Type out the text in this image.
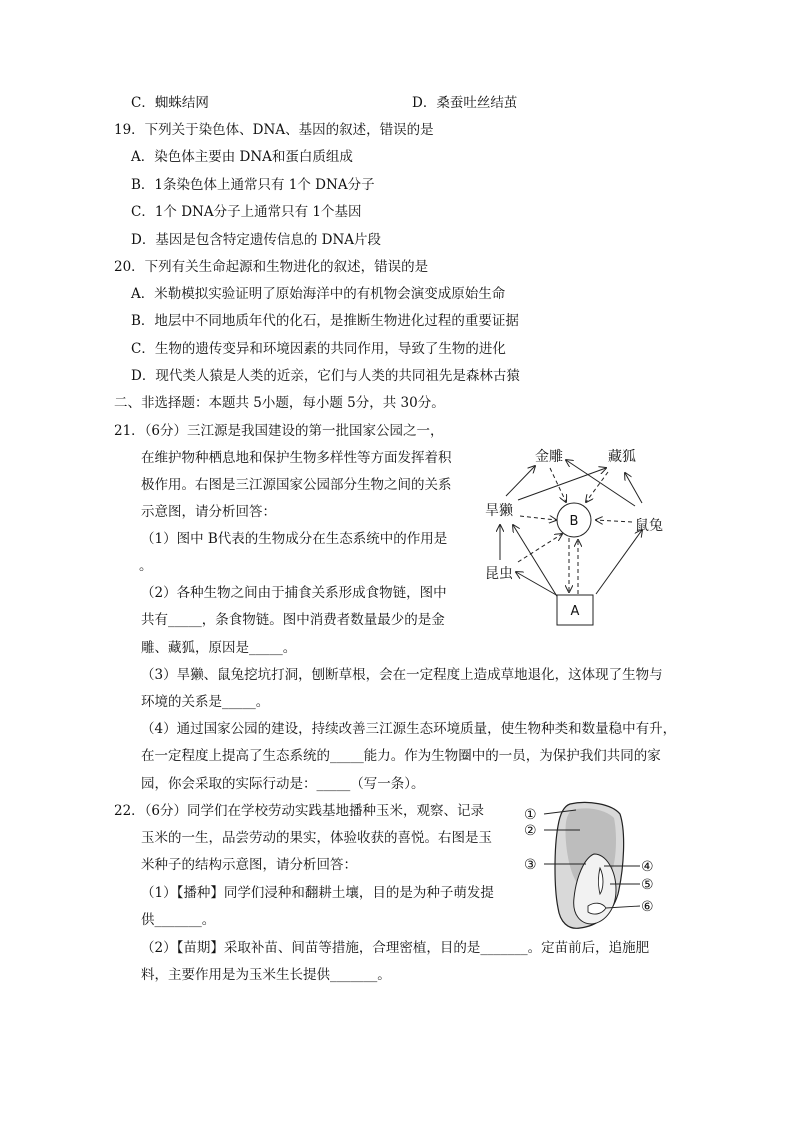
C．蜘蛛结网	D．桑蚕吐丝结茧
19．下列关于染色体、DNA、基因的叙述，错误的是
A．染色体主要由 DNA和蛋白质组成
B．1条染色体上通常只有 1个 DNA分子
C．1个 DNA分子上通常只有 1个基因
D．基因是包含特定遗传信息的 DNA片段
20．下列有关生命起源和生物进化的叙述，错误的是
A．米勒模拟实验证明了原始海洋中的有机物会演变成原始生命
B．地层中不同地质年代的化石，是推断生物进化过程的重要证据
C．生物的遗传变异和环境因素的共同作用，导致了生物的进化
D．现代类人猿是人类的近亲，它们与人类的共同祖先是森林古猿
二、非选择题：本题共 5小题，每小题 5分，共 30分。
21．（6分）三江源是我国建设的第一批国家公园之一，
在维护物种栖息地和保护生物多样性等方面发挥着积
极作用。右图是三江源国家公园部分生物之间的关系
示意图，请分析回答：
（1）图中 B代表的生物成分在生态系统中的作用是
。
（2）各种生物之间由于捕食关系形成食物链，图中
共有_____，条食物链。图中消费者数量最少的是金
雕、藏狐，原因是_____。
（3）旱獭、鼠兔挖坑打洞，刨断草根，会在一定程度上造成草地退化，这体现了生物与
环境的关系是_____。
（4）通过国家公园的建设，持续改善三江源生态环境质量，使生物种类和数量稳中有升，
在一定程度上提高了生态系统的_____能力。作为生物圈中的一员，为保护我们共同的家
园，你会采取的实际行动是：_____（写一条）。
B
A
金雕	藏狐
旱獭
鼠兔
昆虫
22．（6分）同学们在学校劳动实践基地播种玉米，观察、记录
玉米的一生，品尝劳动的果实，体验收获的喜悦。右图是玉
米种子的结构示意图，请分析回答：
（1）【播种】同学们浸种和翻耕土壤，目的是为种子萌发提
供_______。
（2）【苗期】采取补苗、间苗等措施，合理密植，目的是_______。定苗前后，追施肥
料，主要作用是为玉米生长提供_______。
①
②
③	④
⑤
⑥
